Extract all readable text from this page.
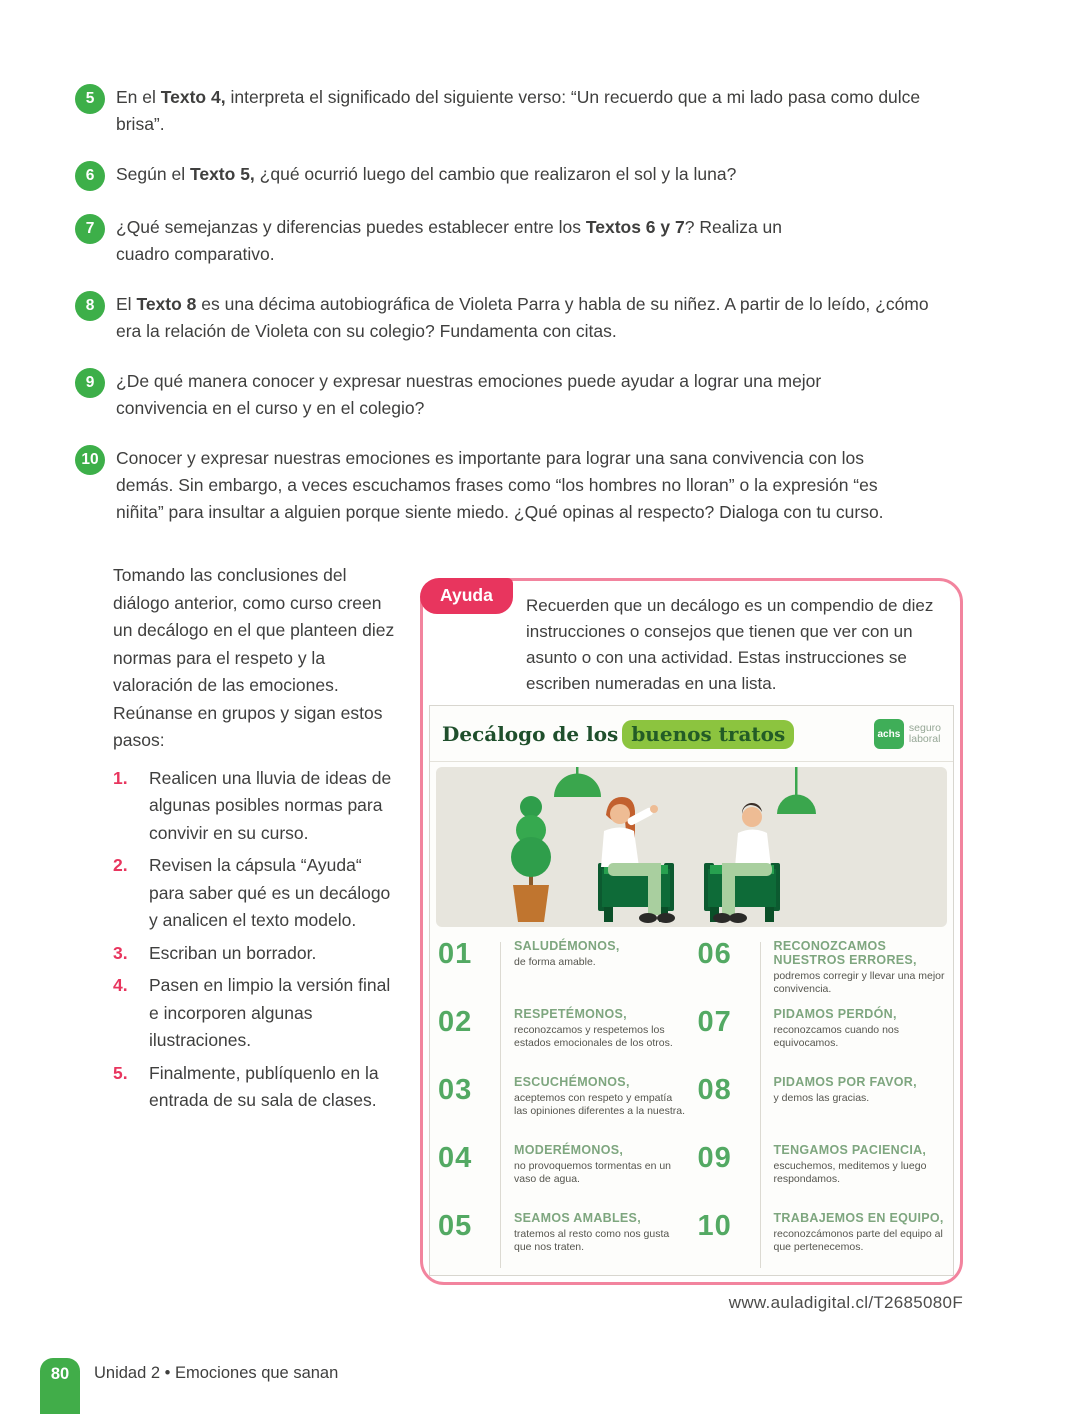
5	En el Texto 4, interpreta el significado del siguiente verso: “Un recuerdo que a mi lado pasa como dulce brisa”.
6	Según el Texto 5, ¿qué ocurrió luego del cambio que realizaron el sol y la luna?
7	¿Qué semejanzas y diferencias puedes establecer entre los Textos 6 y 7? Realiza un cuadro comparativo.
8	El Texto 8 es una décima autobiográfica de Violeta Parra y habla de su niñez. A partir de lo leído, ¿cómo era la relación de Violeta con su colegio? Fundamenta con citas.
9	¿De qué manera conocer y expresar nuestras emociones puede ayudar a lograr una mejor convivencia en el curso y en el colegio?
10 Conocer y expresar nuestras emociones es importante para lograr una sana convivencia con los demás. Sin embargo, a veces escuchamos frases como “los hombres no lloran” o la expresión “es niñita” para insultar a alguien porque siente miedo. ¿Qué opinas al respecto? Dialoga con tu curso.
Tomando las conclusiones del diálogo anterior, como curso creen un decálogo en el que planteen diez normas para el respeto y la valoración de las emociones. Reúnanse en grupos y sigan estos pasos:
1.	Realicen una lluvia de ideas de algunas posibles normas para convivir en su curso.
2.	Revisen la cápsula “Ayuda“ para saber qué es un decálogo y analicen el texto modelo.
3.	Escriban un borrador.
4.	Pasen en limpio la versión final e incorporen algunas ilustraciones.
5.	Finalmente, publíquenlo en la entrada de su sala de clases.
Ayuda
Recuerden que un decálogo es un compendio de diez instrucciones o consejos que tienen que ver con un asunto o con una actividad. Estas instrucciones se escriben numeradas en una lista.
Decálogo de los buenos tratos	achs seguro
laboral
01	SALUDÉMONOS,
de forma amable.
02	RESPETÉMONOS,
reconozcamos y respetemos los estados emocionales de los otros.
03	ESCUCHÉMONOS,
aceptemos con respeto y empatía las opiniones diferentes a la nuestra.
04	MODERÉMONOS,
no provoquemos tormentas en un vaso de agua.
05	SEAMOS AMABLES,
tratemos al resto como nos gusta que nos traten.
06	RECONOZCAMOS NUESTROS ERRORES,
podremos corregir y llevar una mejor convivencia.
07	PIDAMOS PERDÓN,
reconozcamos cuando nos equivocamos.
08	PIDAMOS POR FAVOR,
y demos las gracias.
09	TENGAMOS PACIENCIA,
escuchemos, meditemos y luego respondamos.
10	TRABAJEMOS EN EQUIPO,
reconozcámonos parte del equipo al que pertenecemos.
www.auladigital.cl/T2685080F
80	Unidad 2 • Emociones que sanan
